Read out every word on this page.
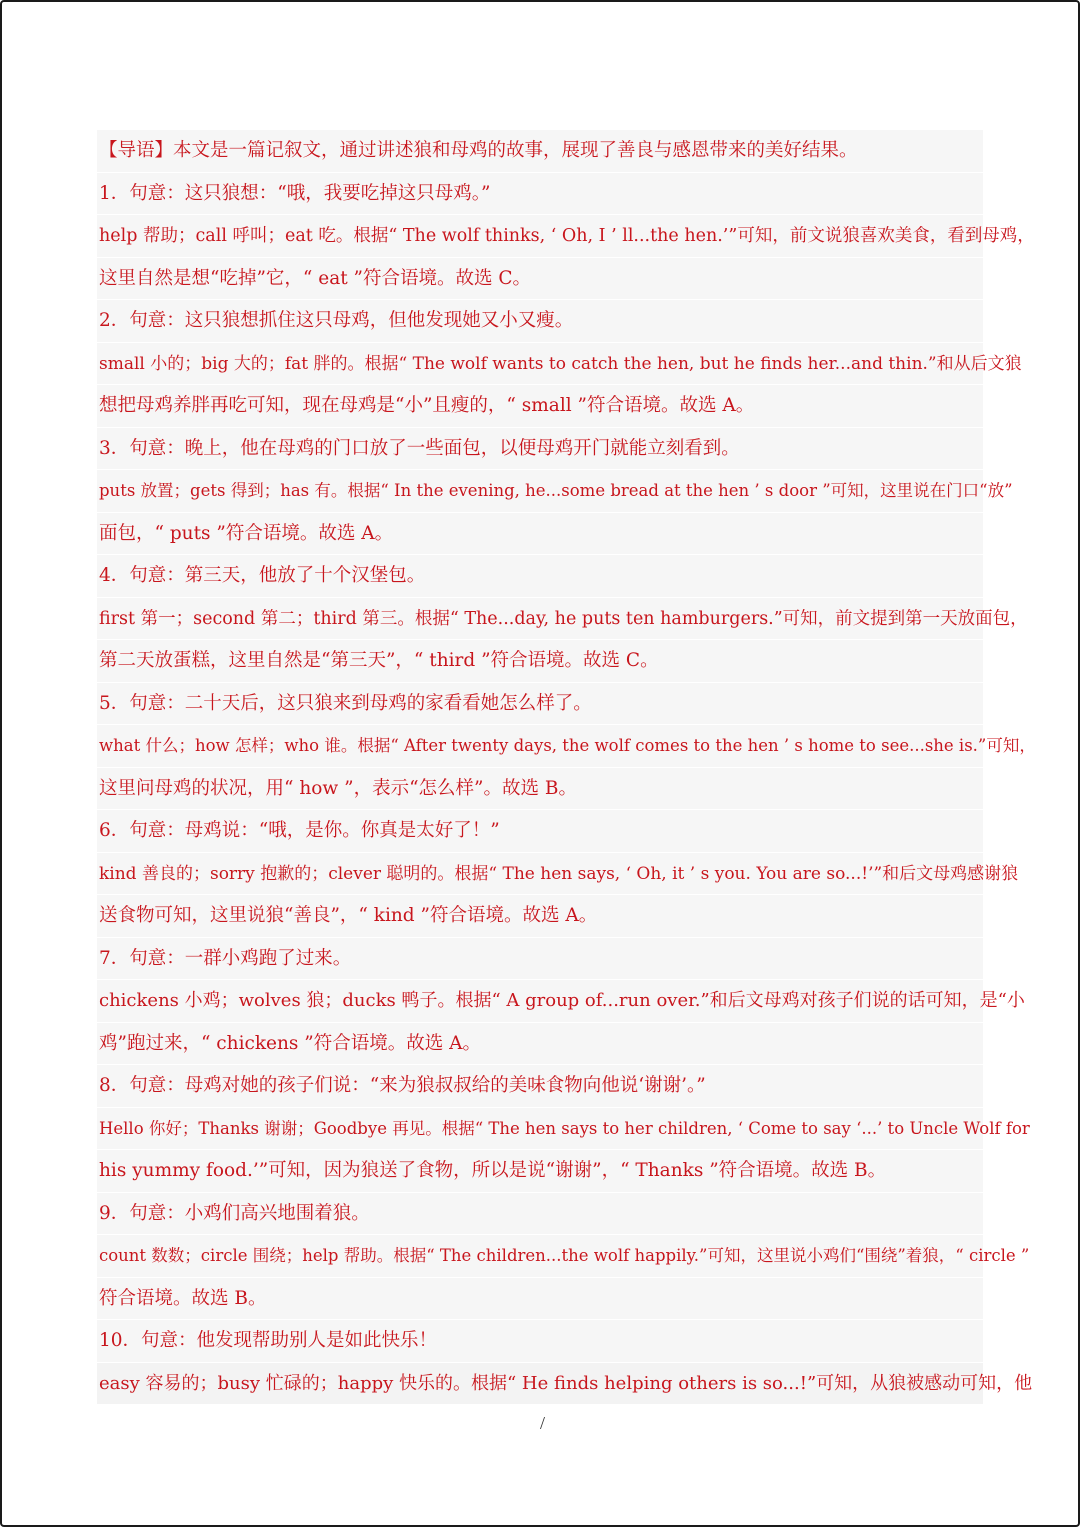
【导语】本文是一篇记叙文，通过讲述狼和母鸡的故事，展现了善良与感恩带来的美好结果。
1．句意：这只狼想：“哦，我要吃掉这只母鸡。”
help 帮助；call 呼叫；eat 吃。根据“ The wolf thinks, ‘ Oh, I ’ ll...the hen.’”可知，前文说狼喜欢美食，看到母鸡，
这里自然是想“吃掉”它，“ eat ”符合语境。故选 C。
2．句意：这只狼想抓住这只母鸡，但他发现她又小又瘦。
small 小的；big 大的；fat 胖的。根据“ The wolf wants to catch the hen, but he finds her...and thin.”和从后文狼
想把母鸡养胖再吃可知，现在母鸡是“小”且瘦的，“ small ”符合语境。故选 A。
3．句意：晚上，他在母鸡的门口放了一些面包，以便母鸡开门就能立刻看到。
puts 放置；gets 得到；has 有。根据“ In the evening, he...some bread at the hen ’ s door ”可知，这里说在门口“放”
面包，“ puts ”符合语境。故选 A。
4．句意：第三天，他放了十个汉堡包。
first 第一；second 第二；third 第三。根据“ The...day, he puts ten hamburgers.”可知，前文提到第一天放面包，
第二天放蛋糕，这里自然是“第三天”，“ third ”符合语境。故选 C。
5．句意：二十天后，这只狼来到母鸡的家看看她怎么样了。
what 什么；how 怎样；who 谁。根据“ After twenty days, the wolf comes to the hen ’ s home to see...she is.”可知，
这里问母鸡的状况，用“ how ”，表示“怎么样”。故选 B。
6．句意：母鸡说：“哦，是你。你真是太好了！”
kind 善良的；sorry 抱歉的；clever 聪明的。根据“ The hen says, ‘ Oh, it ’ s you. You are so...!’”和后文母鸡感谢狼
送食物可知，这里说狼“善良”，“ kind ”符合语境。故选 A。
7．句意：一群小鸡跑了过来。
chickens 小鸡；wolves 狼；ducks 鸭子。根据“ A group of...run over.”和后文母鸡对孩子们说的话可知，是“小
鸡”跑过来，“ chickens ”符合语境。故选 A。
8．句意：母鸡对她的孩子们说：“来为狼叔叔给的美味食物向他说‘谢谢’。”
Hello 你好；Thanks 谢谢；Goodbye 再见。根据“ The hen says to her children, ‘ Come to say ‘...’ to Uncle Wolf for
his yummy food.’”可知，因为狼送了食物，所以是说“谢谢”，“ Thanks ”符合语境。故选 B。
9．句意：小鸡们高兴地围着狼。
count 数数；circle 围绕；help 帮助。根据“ The children...the wolf happily.”可知，这里说小鸡们“围绕”着狼，“ circle ”
符合语境。故选 B。
10．句意：他发现帮助别人是如此快乐！
easy 容易的；busy 忙碌的；happy 快乐的。根据“ He finds helping others is so...!”可知，从狼被感动可知，他
/
